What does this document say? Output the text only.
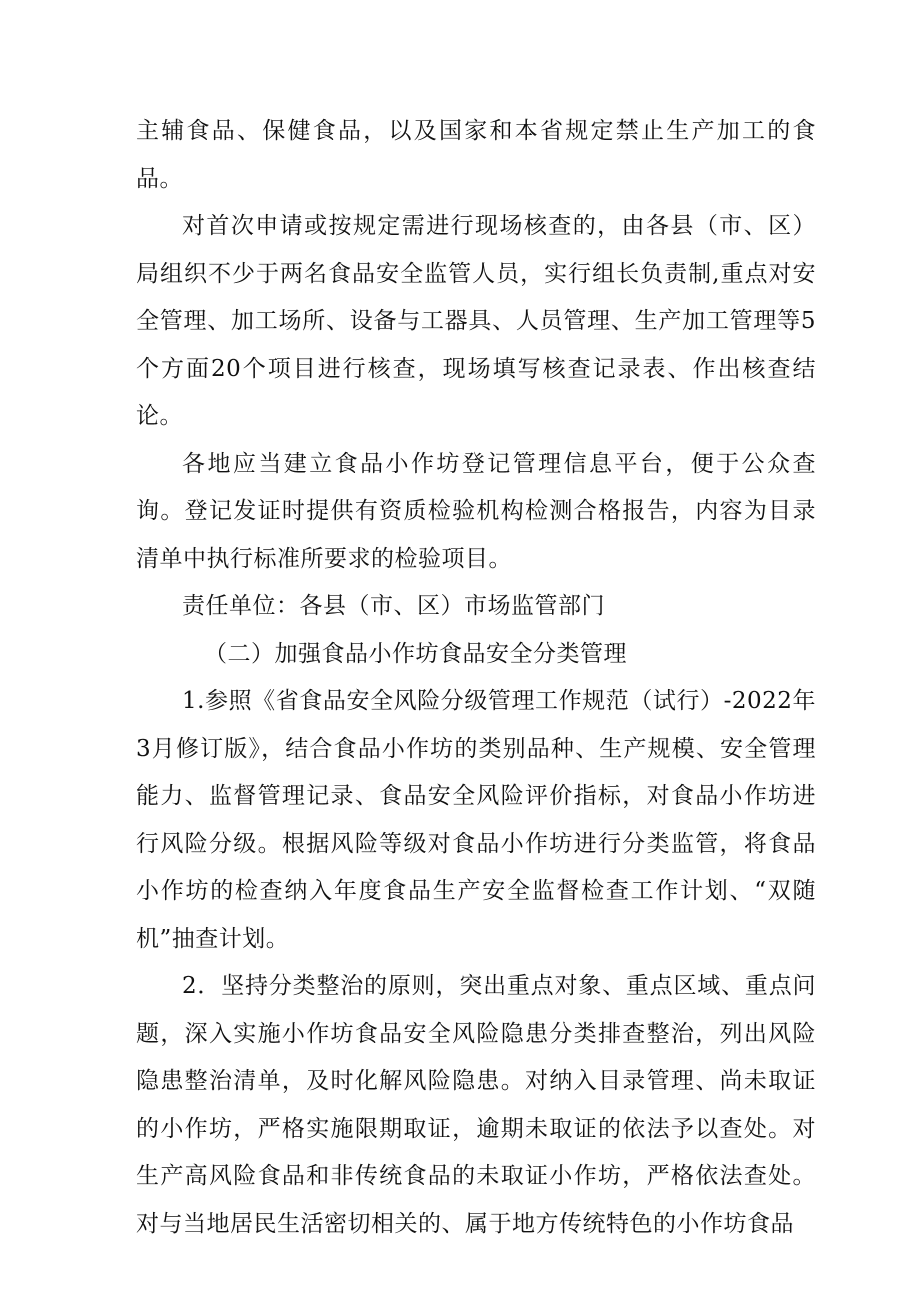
主辅食品、保健食品，以及国家和本省规定禁止生产加工的食品。

对首次申请或按规定需进行现场核查的，由各县（市、区）局组织不少于两名食品安全监管人员，实行组长负责制,重点对安全管理、加工场所、设备与工器具、人员管理、生产加工管理等5个方面20个项目进行核查，现场填写核查记录表、作出核查结论。

各地应当建立食品小作坊登记管理信息平台，便于公众查询。登记发证时提供有资质检验机构检测合格报告，内容为目录清单中执行标准所要求的检验项目。

责任单位：各县（市、区）市场监管部门

（二）加强食品小作坊食品安全分类管理

1.参照《省食品安全风险分级管理工作规范（试行）-2022年3月修订版》，结合食品小作坊的类别品种、生产规模、安全管理能力、监督管理记录、食品安全风险评价指标，对食品小作坊进行风险分级。根据风险等级对食品小作坊进行分类监管，将食品小作坊的检查纳入年度食品生产安全监督检查工作计划、“双随机”抽查计划。

2．坚持分类整治的原则，突出重点对象、重点区域、重点问题，深入实施小作坊食品安全风险隐患分类排查整治，列出风险隐患整治清单，及时化解风险隐患。对纳入目录管理、尚未取证的小作坊，严格实施限期取证，逾期未取证的依法予以查处。对生产高风险食品和非传统食品的未取证小作坊，严格依法查处。对与当地居民生活密切相关的、属于地方传统特色的小作坊食品
